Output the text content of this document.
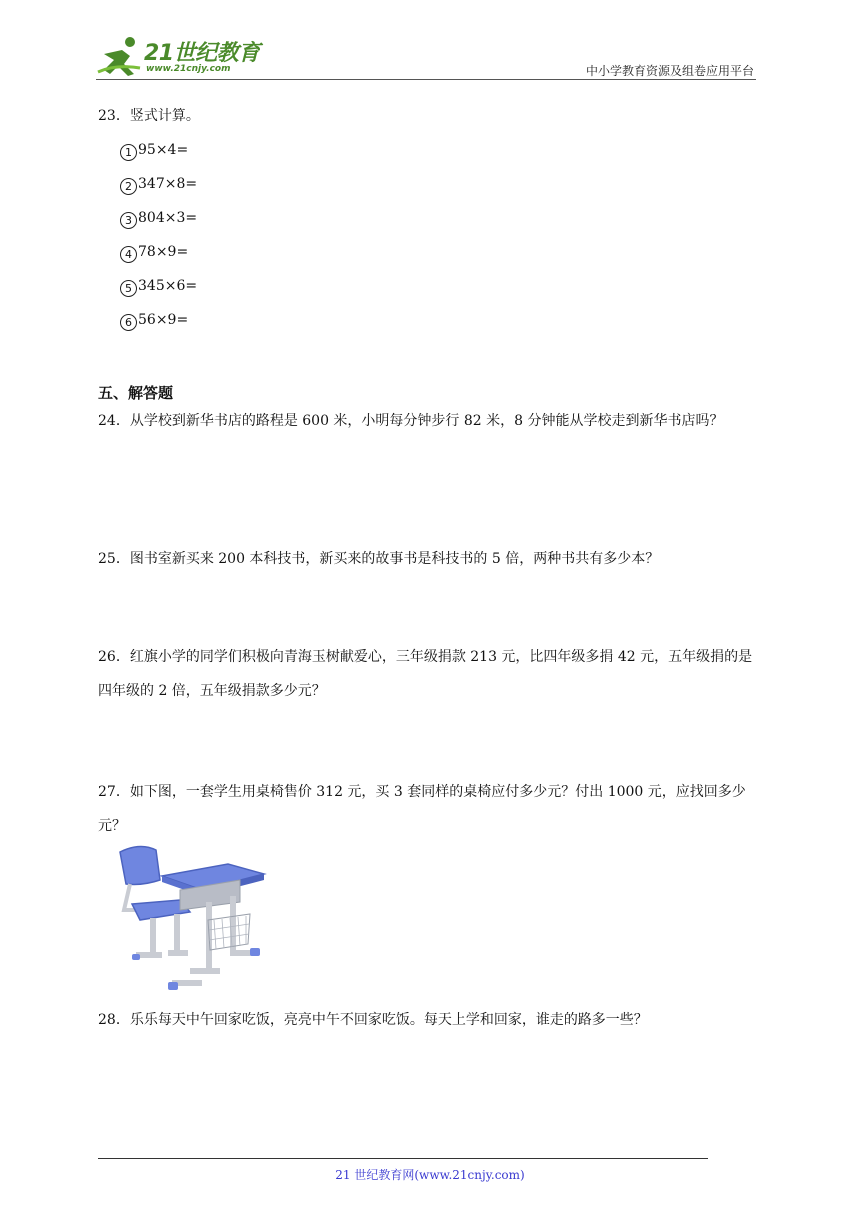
21世纪教育
www.21cnjy.com	中小学教育资源及组卷应用平台
23．竖式计算。
1 95×4=
2 347×8=
3 804×3=
4 78×9=
5 345×6=
6 56×9=
五、解答题
24．从学校到新华书店的路程是 600 米，小明每分钟步行 82 米，8 分钟能从学校走到新华书店吗？
25．图书室新买来 200 本科技书，新买来的故事书是科技书的 5 倍，两种书共有多少本？
26．红旗小学的同学们积极向青海玉树献爱心，三年级捐款 213 元，比四年级多捐 42 元，五年级捐的是四年级的 2 倍，五年级捐款多少元？
27．如下图，一套学生用桌椅售价 312 元，买 3 套同样的桌椅应付多少元？付出 1000 元，应找回多少元？
28．乐乐每天中午回家吃饭，亮亮中午不回家吃饭。每天上学和回家，谁走的路多一些？
21 世纪教育网(www.21cnjy.com)
